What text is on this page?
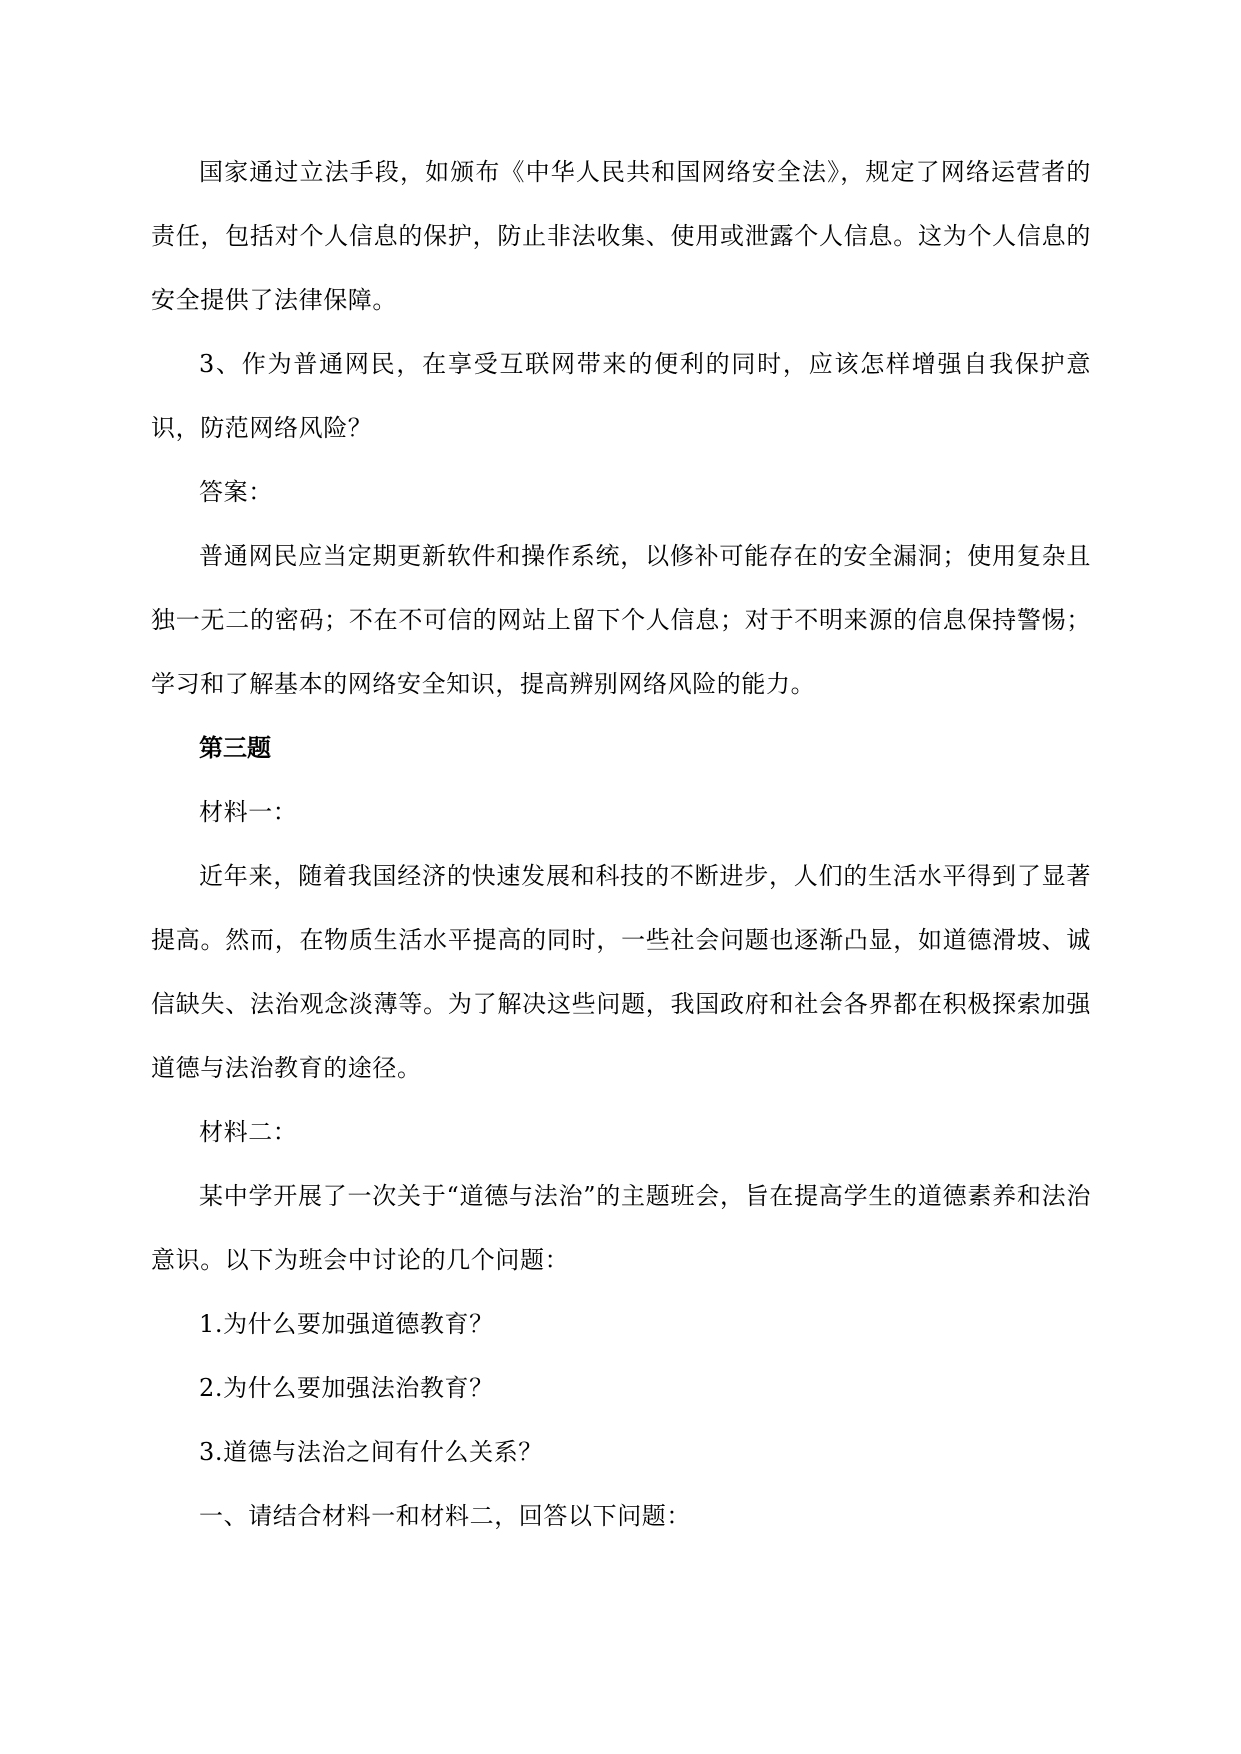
国家通过立法手段，如颁布《中华人民共和国网络安全法》，规定了网络运营者的责任，包括对个人信息的保护，防止非法收集、使用或泄露个人信息。这为个人信息的安全提供了法律保障。

3、作为普通网民，在享受互联网带来的便利的同时，应该怎样增强自我保护意识，防范网络风险？

答案：

普通网民应当定期更新软件和操作系统，以修补可能存在的安全漏洞；使用复杂且独一无二的密码；不在不可信的网站上留下个人信息；对于不明来源的信息保持警惕；学习和了解基本的网络安全知识，提高辨别网络风险的能力。

第三题

材料一：

近年来，随着我国经济的快速发展和科技的不断进步，人们的生活水平得到了显著提高。然而，在物质生活水平提高的同时，一些社会问题也逐渐凸显，如道德滑坡、诚信缺失、法治观念淡薄等。为了解决这些问题，我国政府和社会各界都在积极探索加强道德与法治教育的途径。

材料二：

某中学开展了一次关于“道德与法治”的主题班会，旨在提高学生的道德素养和法治意识。以下为班会中讨论的几个问题：

1.为什么要加强道德教育？

2.为什么要加强法治教育？

3.道德与法治之间有什么关系？

一、请结合材料一和材料二，回答以下问题：
